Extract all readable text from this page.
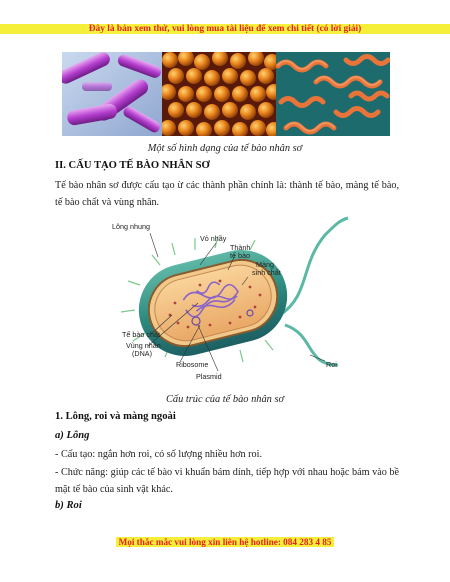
Đây là bản xem thử, vui lòng mua tài liệu để xem chi tiết (có lời giải)
Một số hình dạng của tế bào nhân sơ
II. CẤU TẠO TẾ BÀO NHÂN SƠ
Tế bào nhân sơ được cấu tạo ừ các thành phần chính là: thành tế bào, màng tế bào, tế bào chất và vùng nhân.
Lông nhung
Vỏ nhầy
Thành
tế bào
Màng
sinh chất
Tế bào chất
Vùng nhân
(DNA)
Ribosome
Plasmid
Roi
Cấu trúc của tế bào nhân sơ
1. Lông, roi và màng ngoài
a) Lông
- Cấu tạo: ngắn hơn roi, có số lượng nhiều hơn roi.
- Chức năng: giúp các tế bào vi khuẩn bám dính, tiếp hợp với nhau hoặc bám vào bề mặt tế bào của sinh vật khác.
b) Roi
Mọi thắc mắc vui lòng xin liên hệ hotline: 084 283 4 85
